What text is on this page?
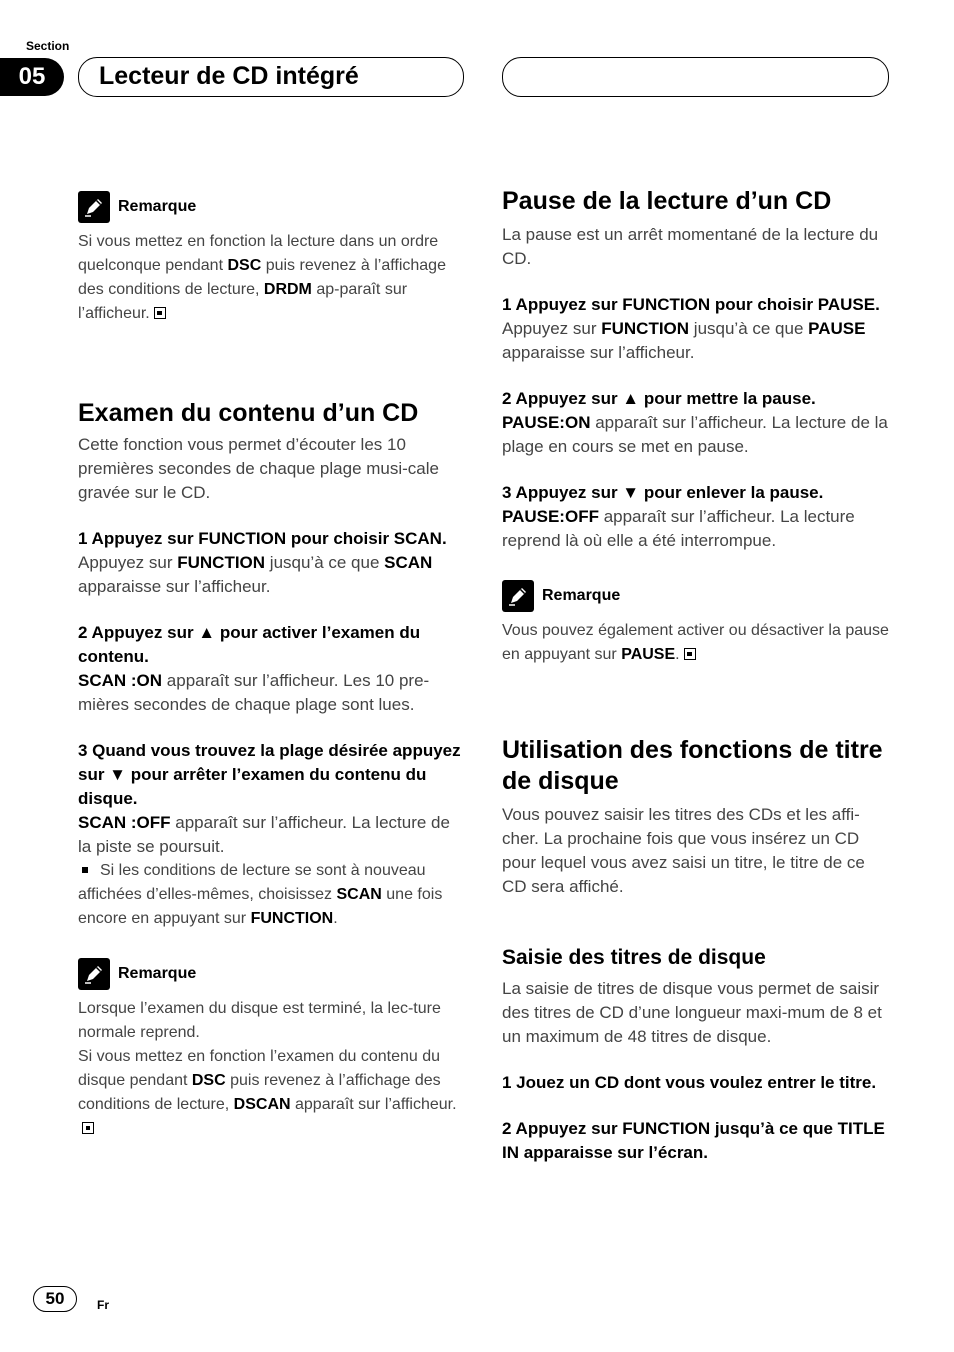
Section
05	Lecteur de CD intégré
Remarque

Si vous mettez en fonction la lecture dans un ordre quelconque pendant DSC puis revenez à l’affichage des conditions de lecture, DRDM ap-paraît sur l’afficheur.

Examen du contenu d’un CD

Cette fonction vous permet d’écouter les 10 premières secondes de chaque plage musi-cale gravée sur le CD.

1 Appuyez sur FUNCTION pour choisir SCAN.

Appuyez sur FUNCTION jusqu’à ce que SCAN apparaisse sur l’afficheur.

2 Appuyez sur ▲ pour activer l’examen du contenu.

SCAN :ON apparaît sur l’afficheur. Les 10 pre-mières secondes de chaque plage sont lues.

3 Quand vous trouvez la plage désirée appuyez sur ▼ pour arrêter l’examen du contenu du disque.

SCAN :OFF apparaît sur l’afficheur. La lecture de la piste se poursuit.

Si les conditions de lecture se sont à nouveau affichées d’elles-mêmes, choisissez SCAN une fois encore en appuyant sur FUNCTION.

Remarque

Lorsque l’examen du disque est terminé, la lec-ture normale reprend.

Si vous mettez en fonction l’examen du contenu du disque pendant DSC puis revenez à l’affichage des conditions de lecture, DSCAN apparaît sur l’afficheur.

Pause de la lecture d’un CD

La pause est un arrêt momentané de la lecture du CD.

1 Appuyez sur FUNCTION pour choisir PAUSE.

Appuyez sur FUNCTION jusqu’à ce que PAUSE apparaisse sur l’afficheur.

2 Appuyez sur ▲ pour mettre la pause.

PAUSE:ON apparaît sur l’afficheur. La lecture de la plage en cours se met en pause.

3 Appuyez sur ▼ pour enlever la pause.

PAUSE:OFF apparaît sur l’afficheur. La lecture reprend là où elle a été interrompue.

Remarque

Vous pouvez également activer ou désactiver la pause en appuyant sur PAUSE.

Utilisation des fonctions de titre de disque

Vous pouvez saisir les titres des CDs et les affi-cher. La prochaine fois que vous insérez un CD pour lequel vous avez saisi un titre, le titre de ce CD sera affiché.

Saisie des titres de disque

La saisie de titres de disque vous permet de saisir des titres de CD d’une longueur maxi-mum de 8 et un maximum de 48 titres de disque.

1 Jouez un CD dont vous voulez entrer le titre.

2 Appuyez sur FUNCTION jusqu’à ce que TITLE IN apparaisse sur l’écran.

50	Fr
